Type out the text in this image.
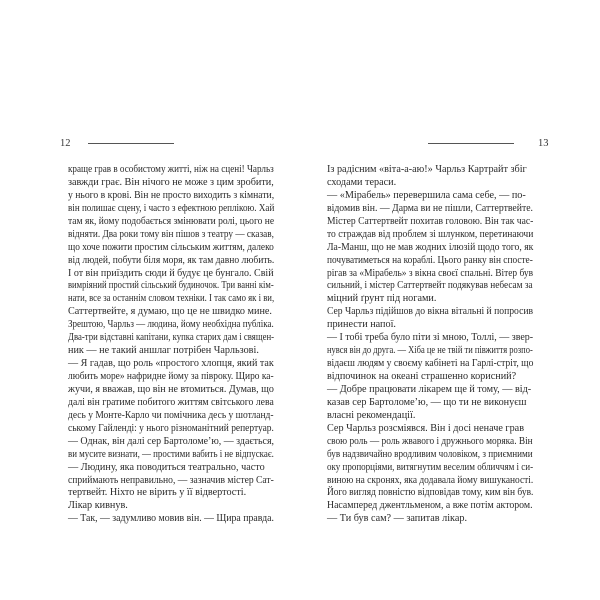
12
краще грав в особистому житті, ніж на сцені! Чарльз
завжди грає. Він нічого не може з цим зробити,
у нього в крові. Він не просто виходить з кімнати,
він полишає сцену, і часто з ефектною реплікою. Хай
там як, йому подобається змінювати ролі, цього не
відняти. Два роки тому він пішов з театру — сказав,
що хоче пожити простим сільським життям, далеко
від людей, побути біля моря, як там давно любить.
І от він приїздить сюди й будує це бунгало. Свій
вимріяний простий сільський будиночок. Три ванні кім-
нати, все за останнім словом техніки. І так само як і ви,
Саттертвейте, я думаю, що це не швидко мине.
Зрештою, Чарльз — людина, йому необхідна публіка.
Два-три відставні капітани, купка старих дам і священ-
ник — не такий аншлаг потрібен Чарльзові.
— Я гадав, що роль «простого хлопця, який так
любить море» нафридне йому за півроку. Щиро ка-
жучи, я вважав, що він не втомиться. Думав, що
далі він гратиме побитого життям світського лева
десь у Монте-Карло чи помічника десь у шотланд-
ському Гайленді: у нього різноманітний репертуар.
— Однак, він далі сер Бартоломе’ю, — здається,
ви мусите визнати, — простими вабить і не відпускає.
— Людину, яка поводиться театрально, часто
сприймають неправильно, — зазначив містер Сат-
тертвейт. Ніхто не вірить у її відвертості.
Лікар кивнув.
— Так, — задумливо мовив він. — Щира правда.
13
Із радісним «віта-а-аю!» Чарльз Картрайт збіг
сходами тераси.
— «Мірабель» перевершила сама себе, — по-
відомив він. — Дарма ви не пішли, Саттертвейте.
Містер Саттертвейт похитав головою. Він так час-
то страждав від проблем зі шлунком, перетинаючи
Ла-Манш, що не мав жодних ілюзій щодо того, як
почуватиметься на кораблі. Цього ранку він спосте-
рігав за «Мірабель» з вікна своєї спальні. Вітер був
сильний, і містер Саттертвейт подякував небесам за
міцний ґрунт під ногами.
Сер Чарльз підійшов до вікна вітальні й попросив
принести напої.
— І тобі треба було піти зі мною, Толлі, — звер-
нувся він до друга. — Хіба це не твій ти півжиття розпо-
відаєш людям у своєму кабінеті на Гарлі-стріт, що
відпочинок на океані страшенно корисний?
— Добре працювати лікарем ще й тому, — від-
казав сер Бартоломе’ю, — що ти не виконуєш
власні рекомендації.
Сер Чарльз розсміявся. Він і досі неначе грав
свою роль — роль жвавого і дружнього моряка. Він
був надзвичайно вродливим чоловіком, з приємними
оку пропорціями, витягнутим веселим обличчям і си-
виною на скронях, яка додавала йому вишуканості.
Його вигляд повністю відповідав тому, ким він був.
Насамперед джентльменом, а вже потім актором.
— Ти був сам? — запитав лікар.
